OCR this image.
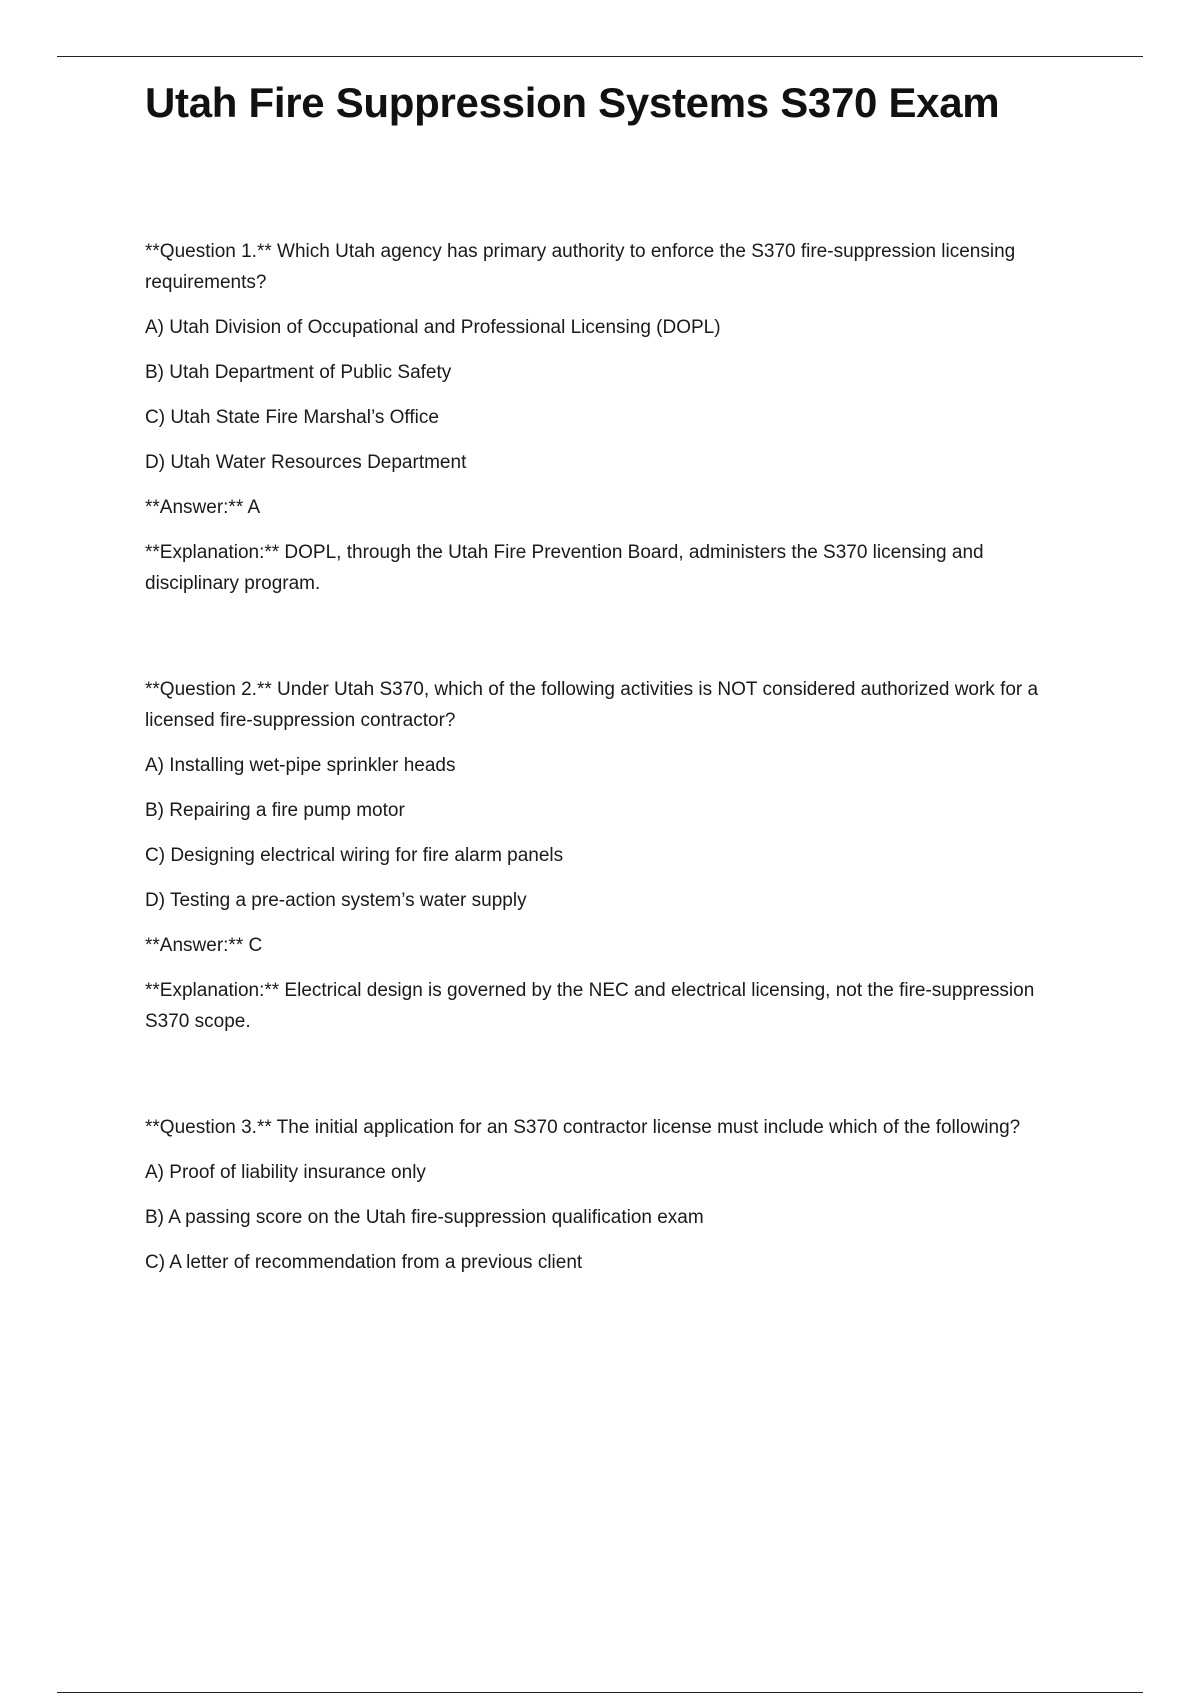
Utah Fire Suppression Systems S370 Exam

**Question 1.** Which Utah agency has primary authority to enforce the S370 fire-suppression licensing requirements?

A) Utah Division of Occupational and Professional Licensing (DOPL)

B) Utah Department of Public Safety

C) Utah State Fire Marshal’s Office

D) Utah Water Resources Department

**Answer:** A

**Explanation:** DOPL, through the Utah Fire Prevention Board, administers the S370 licensing and disciplinary program.

**Question 2.** Under Utah S370, which of the following activities is NOT considered authorized work for a licensed fire-suppression contractor?

A) Installing wet-pipe sprinkler heads

B) Repairing a fire pump motor

C) Designing electrical wiring for fire alarm panels

D) Testing a pre-action system’s water supply

**Answer:** C

**Explanation:** Electrical design is governed by the NEC and electrical licensing, not the fire-suppression S370 scope.

**Question 3.** The initial application for an S370 contractor license must include which of the following?

A) Proof of liability insurance only

B) A passing score on the Utah fire-suppression qualification exam

C) A letter of recommendation from a previous client
